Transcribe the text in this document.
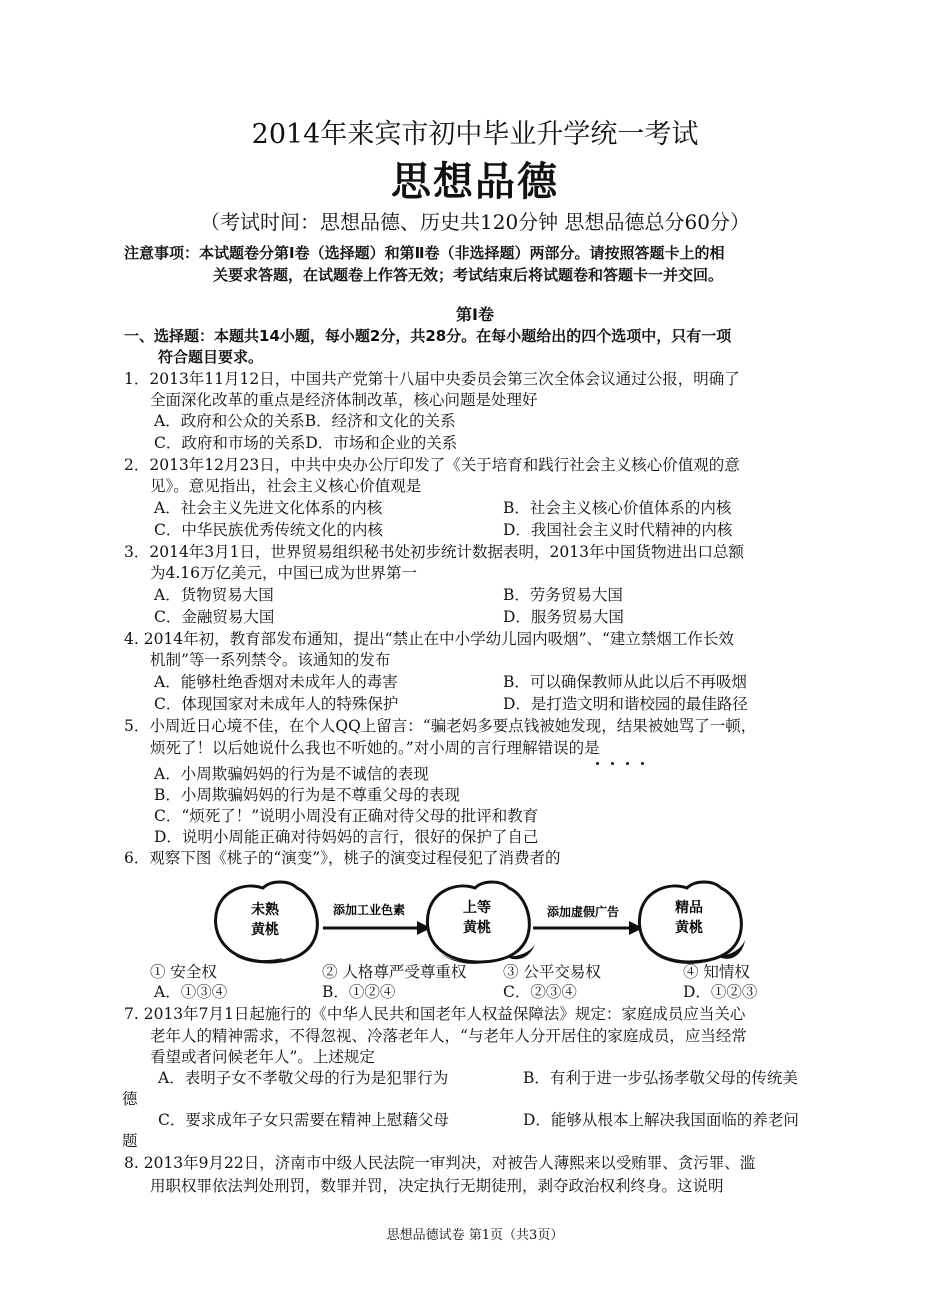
2014年来宾市初中毕业升学统一考试
思想品德
（考试时间：思想品德、历史共120分钟 思想品德总分60分）
注意事项：本试题卷分第Ⅰ卷（选择题）和第Ⅱ卷（非选择题）两部分。请按照答题卡上的相
关要求答题，在试题卷上作答无效；考试结束后将试题卷和答题卡一并交回。
第Ⅰ卷
一、选择题：本题共14小题，每小题2分，共28分。在每小题给出的四个选项中，只有一项
符合题目要求。
1．2013年11月12日，中国共产党第十八届中央委员会第三次全体会议通过公报，明确了
全面深化改革的重点是经济体制改革，核心问题是处理好
A．政府和公众的关系B．经济和文化的关系
C．政府和市场的关系D．市场和企业的关系
2．2013年12月23日，中共中央办公厅印发了《关于培育和践行社会主义核心价值观的意
见》。意见指出，社会主义核心价值观是
A．社会主义先进文化体系的内核	B．社会主义核心价值体系的内核
C．中华民族优秀传统文化的内核	D．我国社会主义时代精神的内核
3．2014年3月1日，世界贸易组织秘书处初步统计数据表明，2013年中国货物进出口总额
为4.16万亿美元，中国已成为世界第一
A．货物贸易大国	B．劳务贸易大国
C．金融贸易大国	D．服务贸易大国
4. 2014年初，教育部发布通知，提出“禁止在中小学幼儿园内吸烟”、“建立禁烟工作长效
机制”等一系列禁令。该通知的发布
A．能够杜绝香烟对未成年人的毒害	B．可以确保教师从此以后不再吸烟
C．体现国家对未成年人的特殊保护	D．是打造文明和谐校园的最佳路径
5．小周近日心境不佳，在个人QQ上留言：“骗老妈多要点钱被她发现，结果被她骂了一顿，
烦死了！以后她说什么我也不听她的。”对小周的言行理解错误的是
A．小周欺骗妈妈的行为是不诚信的表现
B．小周欺骗妈妈的行为是不尊重父母的表现
C．“烦死了！”说明小周没有正确对待父母的批评和教育
D．说明小周能正确对待妈妈的言行，很好的保护了自己
6．观察下图《桃子的“演变”》，桃子的演变过程侵犯了消费者的
未熟
黄桃
添加工业色素	上等
黄桃
添加虚假广告	精品
黄桃
① 安全权	② 人格尊严受尊重权 ③ 公平交易权	④ 知情权
A．①③④	B．①②④	C．②③④	D．①②③
7. 2013年7月1日起施行的《中华人民共和国老年人权益保障法》规定：家庭成员应当关心
老年人的精神需求，不得忽视、冷落老年人，“与老年人分开居住的家庭成员，应当经常
看望或者问候老年人”。上述规定
A．表明子女不孝敬父母的行为是犯罪行为	B．有利于进一步弘扬孝敬父母的传统美
德
C．要求成年子女只需要在精神上慰藉父母	D．能够从根本上解决我国面临的养老问
题
8. 2013年9月22日，济南市中级人民法院一审判决，对被告人薄熙来以受贿罪、贪污罪、滥
用职权罪依法判处刑罚，数罪并罚，决定执行无期徒刑，剥夺政治权利终身。这说明
思想品德试卷 第1页（共3页）
